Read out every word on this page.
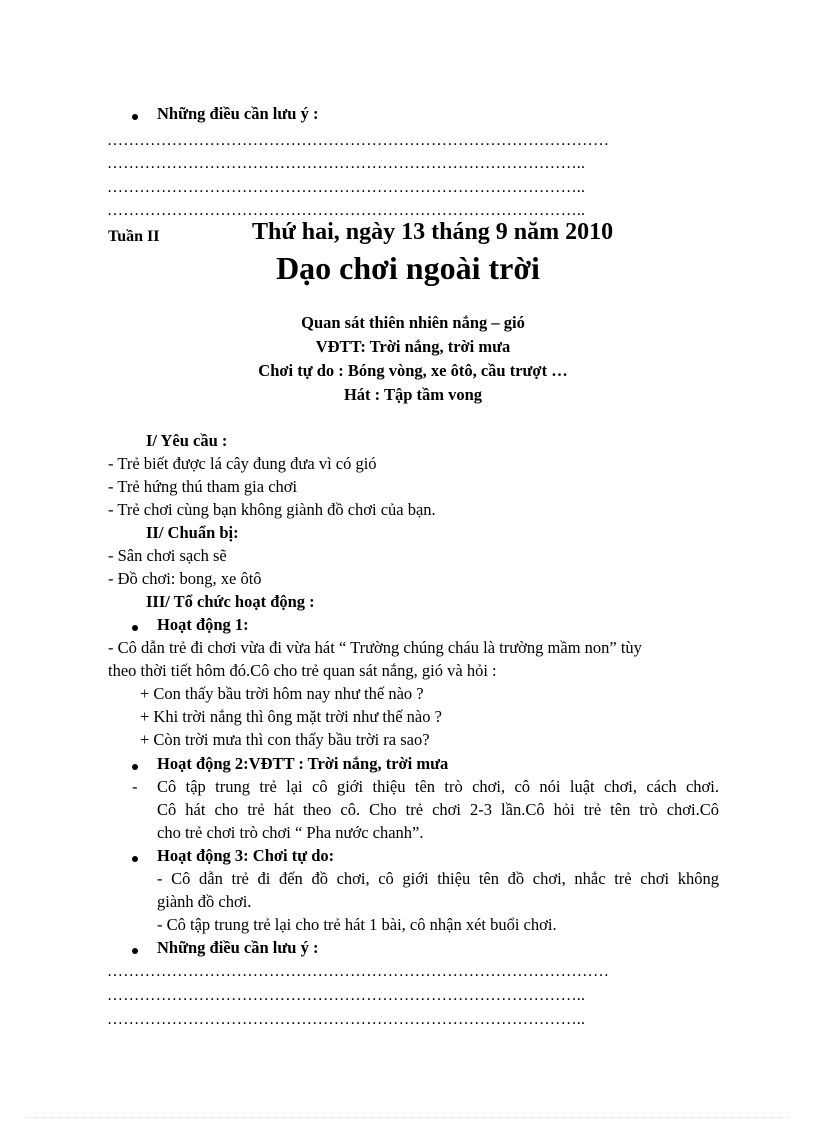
Những điều cần lưu ý :
…………………………………………………………………………………
……………………………………………………………………………..
……………………………………………………………………………..
……………………………………………………………………………..
Tuần II	Thứ hai, ngày 13 tháng 9 năm 2010
Dạo chơi ngoài trời
Quan sát thiên nhiên nắng – gió
VĐTT: Trời nắng, trời mưa
Chơi tự do : Bóng vòng, xe ôtô, cầu trượt …
Hát : Tập tầm vong
I/ Yêu cầu :
- Trẻ biết được lá cây đung đưa vì có gió
- Trẻ hứng thú tham gia chơi
- Trẻ chơi cùng bạn không giành đồ chơi của bạn.
II/ Chuẩn bị:
- Sân chơi sạch sẽ
- Đồ chơi: bong, xe ôtô
III/ Tổ chức hoạt động :
Hoạt động 1:
- Cô dẫn trẻ đi chơi vừa đi vừa hát “ Trường chúng cháu là trường mầm non” tùy
theo thời tiết hôm đó.Cô cho trẻ quan sát nắng, gió và hỏi :
+ Con thấy bầu trời hôm nay như thế nào ?
+ Khi trời nắng thì ông mặt trời như thế nào ?
+ Còn trời mưa thì con thấy bầu trời ra sao?
Hoạt động 2:VĐTT : Trời nắng, trời mưa
- Cô tập trung trẻ lại cô giới thiệu tên trò chơi, cô nói luật chơi, cách chơi.
Cô hát cho trẻ hát theo cô. Cho trẻ chơi 2-3 lần.Cô hỏi trẻ tên trò chơi.Cô
cho trẻ chơi trò chơi “ Pha nước chanh”.
Hoạt động 3: Chơi tự do:
- Cô dẫn trẻ đi đến đồ chơi, cô giới thiệu tên đồ chơi, nhắc trẻ chơi không
giành đồ chơi.
- Cô tập trung trẻ lại cho trẻ hát 1 bài, cô nhận xét buổi chơi.
Những điều cần lưu ý :
…………………………………………………………………………………
……………………………………………………………………………..
……………………………………………………………………………..
